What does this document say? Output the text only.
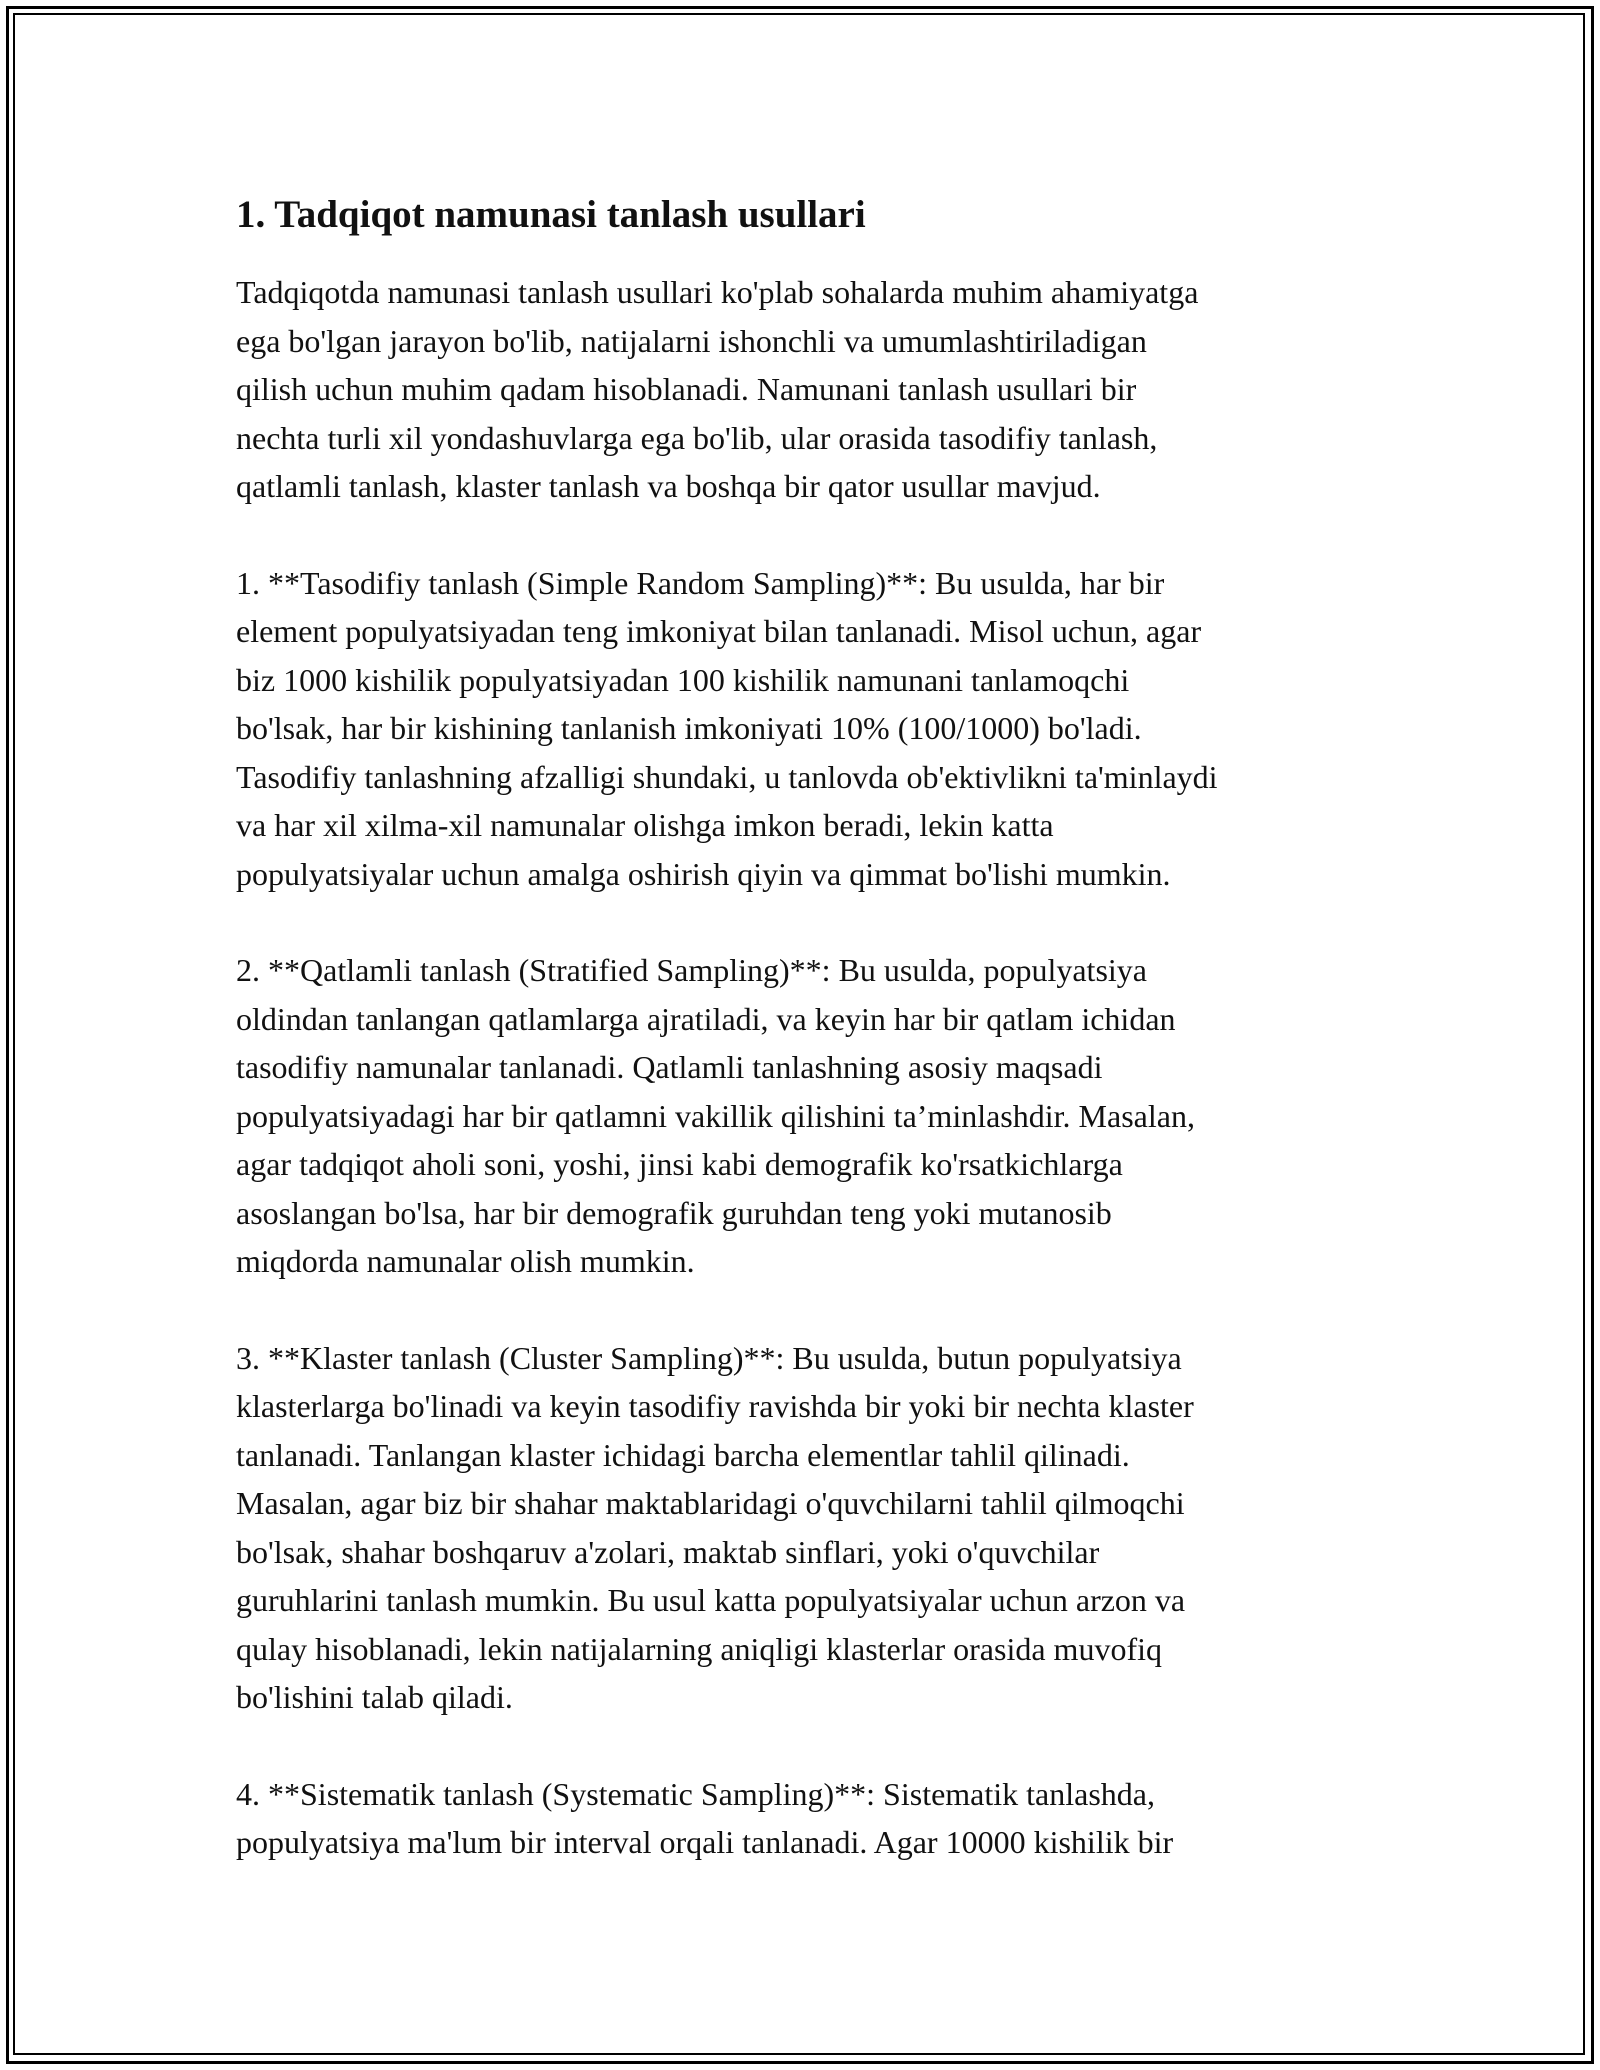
1. Tadqiqot namunasi tanlash usullari

Tadqiqotda namunasi tanlash usullari ko'plab sohalarda muhim ahamiyatga
ega bo'lgan jarayon bo'lib, natijalarni ishonchli va umumlashtiriladigan
qilish uchun muhim qadam hisoblanadi. Namunani tanlash usullari bir
nechta turli xil yondashuvlarga ega bo'lib, ular orasida tasodifiy tanlash,
qatlamli tanlash, klaster tanlash va boshqa bir qator usullar mavjud.

1. **Tasodifiy tanlash (Simple Random Sampling)**: Bu usulda, har bir
element populyatsiyadan teng imkoniyat bilan tanlanadi. Misol uchun, agar
biz 1000 kishilik populyatsiyadan 100 kishilik namunani tanlamoqchi
bo'lsak, har bir kishining tanlanish imkoniyati 10% (100/1000) bo'ladi.
Tasodifiy tanlashning afzalligi shundaki, u tanlovda ob'ektivlikni ta'minlaydi
va har xil xilma-xil namunalar olishga imkon beradi, lekin katta
populyatsiyalar uchun amalga oshirish qiyin va qimmat bo'lishi mumkin.

2. **Qatlamli tanlash (Stratified Sampling)**: Bu usulda, populyatsiya
oldindan tanlangan qatlamlarga ajratiladi, va keyin har bir qatlam ichidan
tasodifiy namunalar tanlanadi. Qatlamli tanlashning asosiy maqsadi
populyatsiyadagi har bir qatlamni vakillik qilishini ta’minlashdir. Masalan,
agar tadqiqot aholi soni, yoshi, jinsi kabi demografik ko'rsatkichlarga
asoslangan bo'lsa, har bir demografik guruhdan teng yoki mutanosib
miqdorda namunalar olish mumkin.

3. **Klaster tanlash (Cluster Sampling)**: Bu usulda, butun populyatsiya
klasterlarga bo'linadi va keyin tasodifiy ravishda bir yoki bir nechta klaster
tanlanadi. Tanlangan klaster ichidagi barcha elementlar tahlil qilinadi.
Masalan, agar biz bir shahar maktablaridagi o'quvchilarni tahlil qilmoqchi
bo'lsak, shahar boshqaruv a'zolari, maktab sinflari, yoki o'quvchilar
guruhlarini tanlash mumkin. Bu usul katta populyatsiyalar uchun arzon va
qulay hisoblanadi, lekin natijalarning aniqligi klasterlar orasida muvofiq
bo'lishini talab qiladi.

4. **Sistematik tanlash (Systematic Sampling)**: Sistematik tanlashda,
populyatsiya ma'lum bir interval orqali tanlanadi. Agar 10000 kishilik bir
